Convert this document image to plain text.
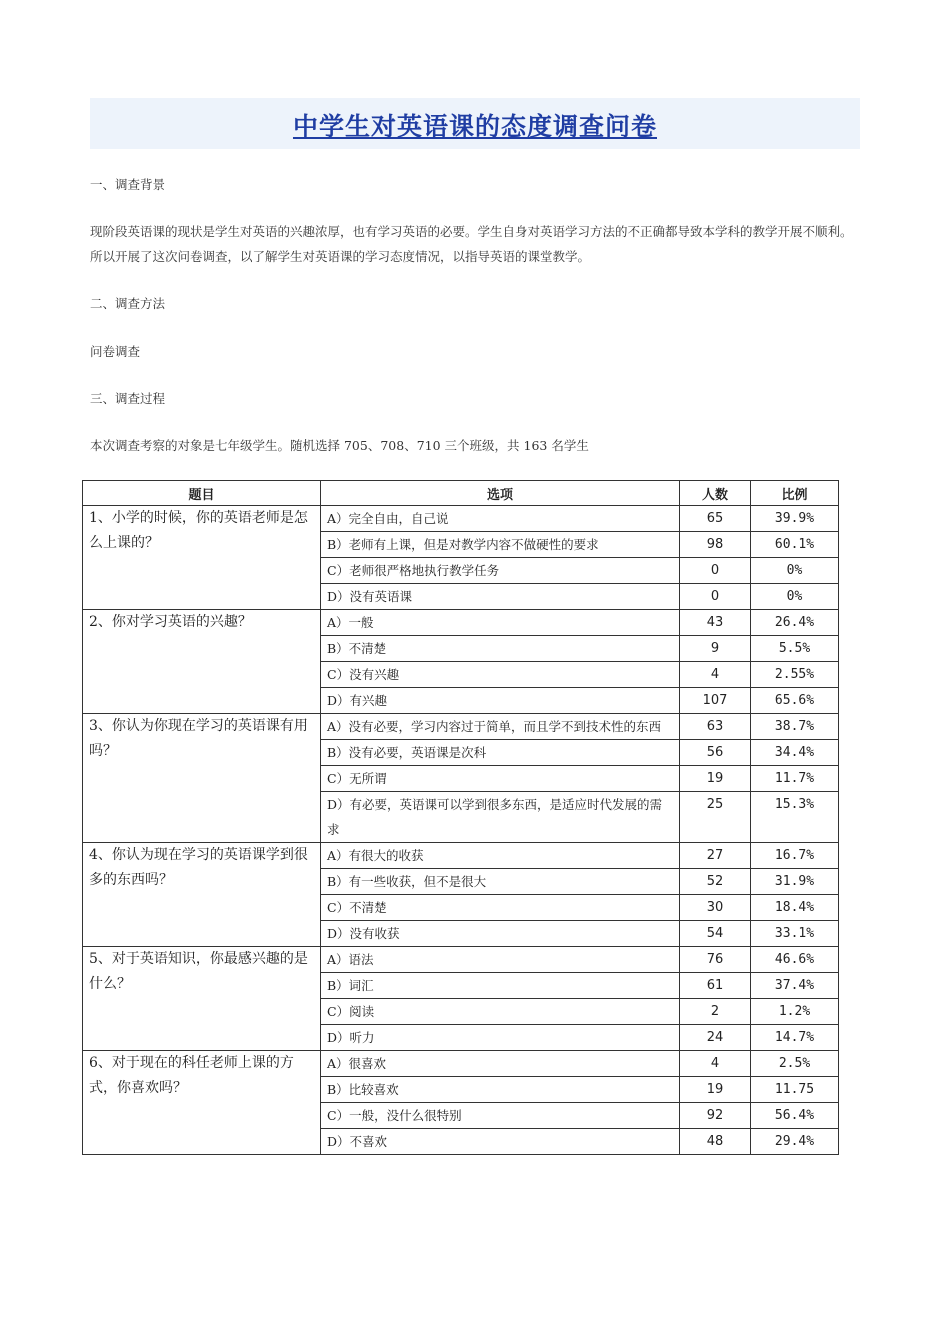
中学生对英语课的态度调查问卷
一、调查背景
现阶段英语课的现状是学生对英语的兴趣浓厚，也有学习英语的必要。学生自身对英语学习方法的不正确都导致本学科的教学开展不顺利。所以开展了这次问卷调查，以了解学生对英语课的学习态度情况，以指导英语的课堂教学。
二、调查方法
问卷调查
三、调查过程
本次调查考察的对象是七年级学生。随机选择 705、708、710 三个班级，共 163 名学生
题目	选项	人数	比例
1、小学的时候，你的英语老师是怎么上课的？	A）完全自由，自己说	65	39.9%
	B）老师有上课，但是对教学内容不做硬性的要求	98	60.1%
	C）老师很严格地执行教学任务	0	0%
	D）没有英语课	0	0%
2、你对学习英语的兴趣？	A）一般	43	26.4%
	B）不清楚	9	5.5%
	C）没有兴趣	4	2.55%
	D）有兴趣	107	65.6%
3、你认为你现在学习的英语课有用吗？	A）没有必要，学习内容过于简单，而且学不到技术性的东西	63	38.7%
	B）没有必要，英语课是次科	56	34.4%
	C）无所谓	19	11.7%
	D）有必要，英语课可以学到很多东西，是适应时代发展的需求	25	15.3%
4、你认为现在学习的英语课学到很多的东西吗？	A）有很大的收获	27	16.7%
	B）有一些收获，但不是很大	52	31.9%
	C）不清楚	30	18.4%
	D）没有收获	54	33.1%
5、对于英语知识，你最感兴趣的是什么？	A）语法	76	46.6%
	B）词汇	61	37.4%
	C）阅读	2	1.2%
	D）听力	24	14.7%
6、对于现在的科任老师上课的方式，你喜欢吗？	A）很喜欢	4	2.5%
	B）比较喜欢	19	11.75
	C）一般，没什么很特别	92	56.4%
	D）不喜欢	48	29.4%
